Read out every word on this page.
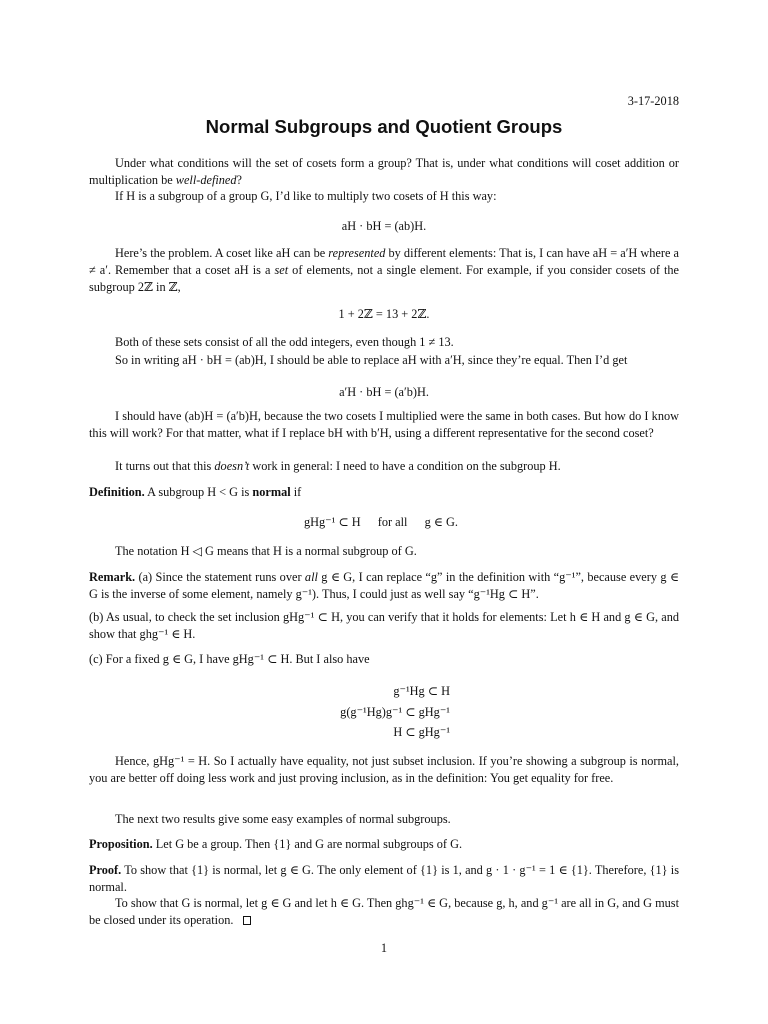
3-17-2018
Normal Subgroups and Quotient Groups
Under what conditions will the set of cosets form a group? That is, under what conditions will coset addition or multiplication be well-defined?
If H is a subgroup of a group G, I’d like to multiply two cosets of H this way:
aH · bH = (ab)H.
Here’s the problem. A coset like aH can be represented by different elements: That is, I can have aH = a′H where a ≠ a′. Remember that a coset aH is a set of elements, not a single element. For example, if you consider cosets of the subgroup 2ℤ in ℤ,
1 + 2ℤ = 13 + 2ℤ.
Both of these sets consist of all the odd integers, even though 1 ≠ 13.
So in writing aH · bH = (ab)H, I should be able to replace aH with a′H, since they’re equal. Then I’d get
a′H · bH = (a′b)H.
I should have (ab)H = (a′b)H, because the two cosets I multiplied were the same in both cases. But how do I know this will work? For that matter, what if I replace bH with b′H, using a different representative for the second coset?
It turns out that this doesn’t work in general: I need to have a condition on the subgroup H.
Definition. A subgroup H < G is normal if
gHg⁻¹ ⊂ H for all g ∈ G.
The notation H ◁ G means that H is a normal subgroup of G.
Remark. (a) Since the statement runs over all g ∈ G, I can replace “g” in the definition with “g⁻¹”, because every g ∈ G is the inverse of some element, namely g⁻¹). Thus, I could just as well say “g⁻¹Hg ⊂ H”.
(b) As usual, to check the set inclusion gHg⁻¹ ⊂ H, you can verify that it holds for elements: Let h ∈ H and g ∈ G, and show that ghg⁻¹ ∈ H.
(c) For a fixed g ∈ G, I have gHg⁻¹ ⊂ H. But I also have
g⁻¹Hg ⊂ H
g(g⁻¹Hg)g⁻¹ ⊂ gHg⁻¹
H ⊂ gHg⁻¹
Hence, gHg⁻¹ = H. So I actually have equality, not just subset inclusion. If you’re showing a subgroup is normal, you are better off doing less work and just proving inclusion, as in the definition: You get equality for free.
The next two results give some easy examples of normal subgroups.
Proposition. Let G be a group. Then {1} and G are normal subgroups of G.
Proof. To show that {1} is normal, let g ∈ G. The only element of {1} is 1, and g · 1 · g⁻¹ = 1 ∈ {1}. Therefore, {1} is normal.
To show that G is normal, let g ∈ G and let h ∈ G. Then ghg⁻¹ ∈ G, because g, h, and g⁻¹ are all in G, and G must be closed under its operation.
1
